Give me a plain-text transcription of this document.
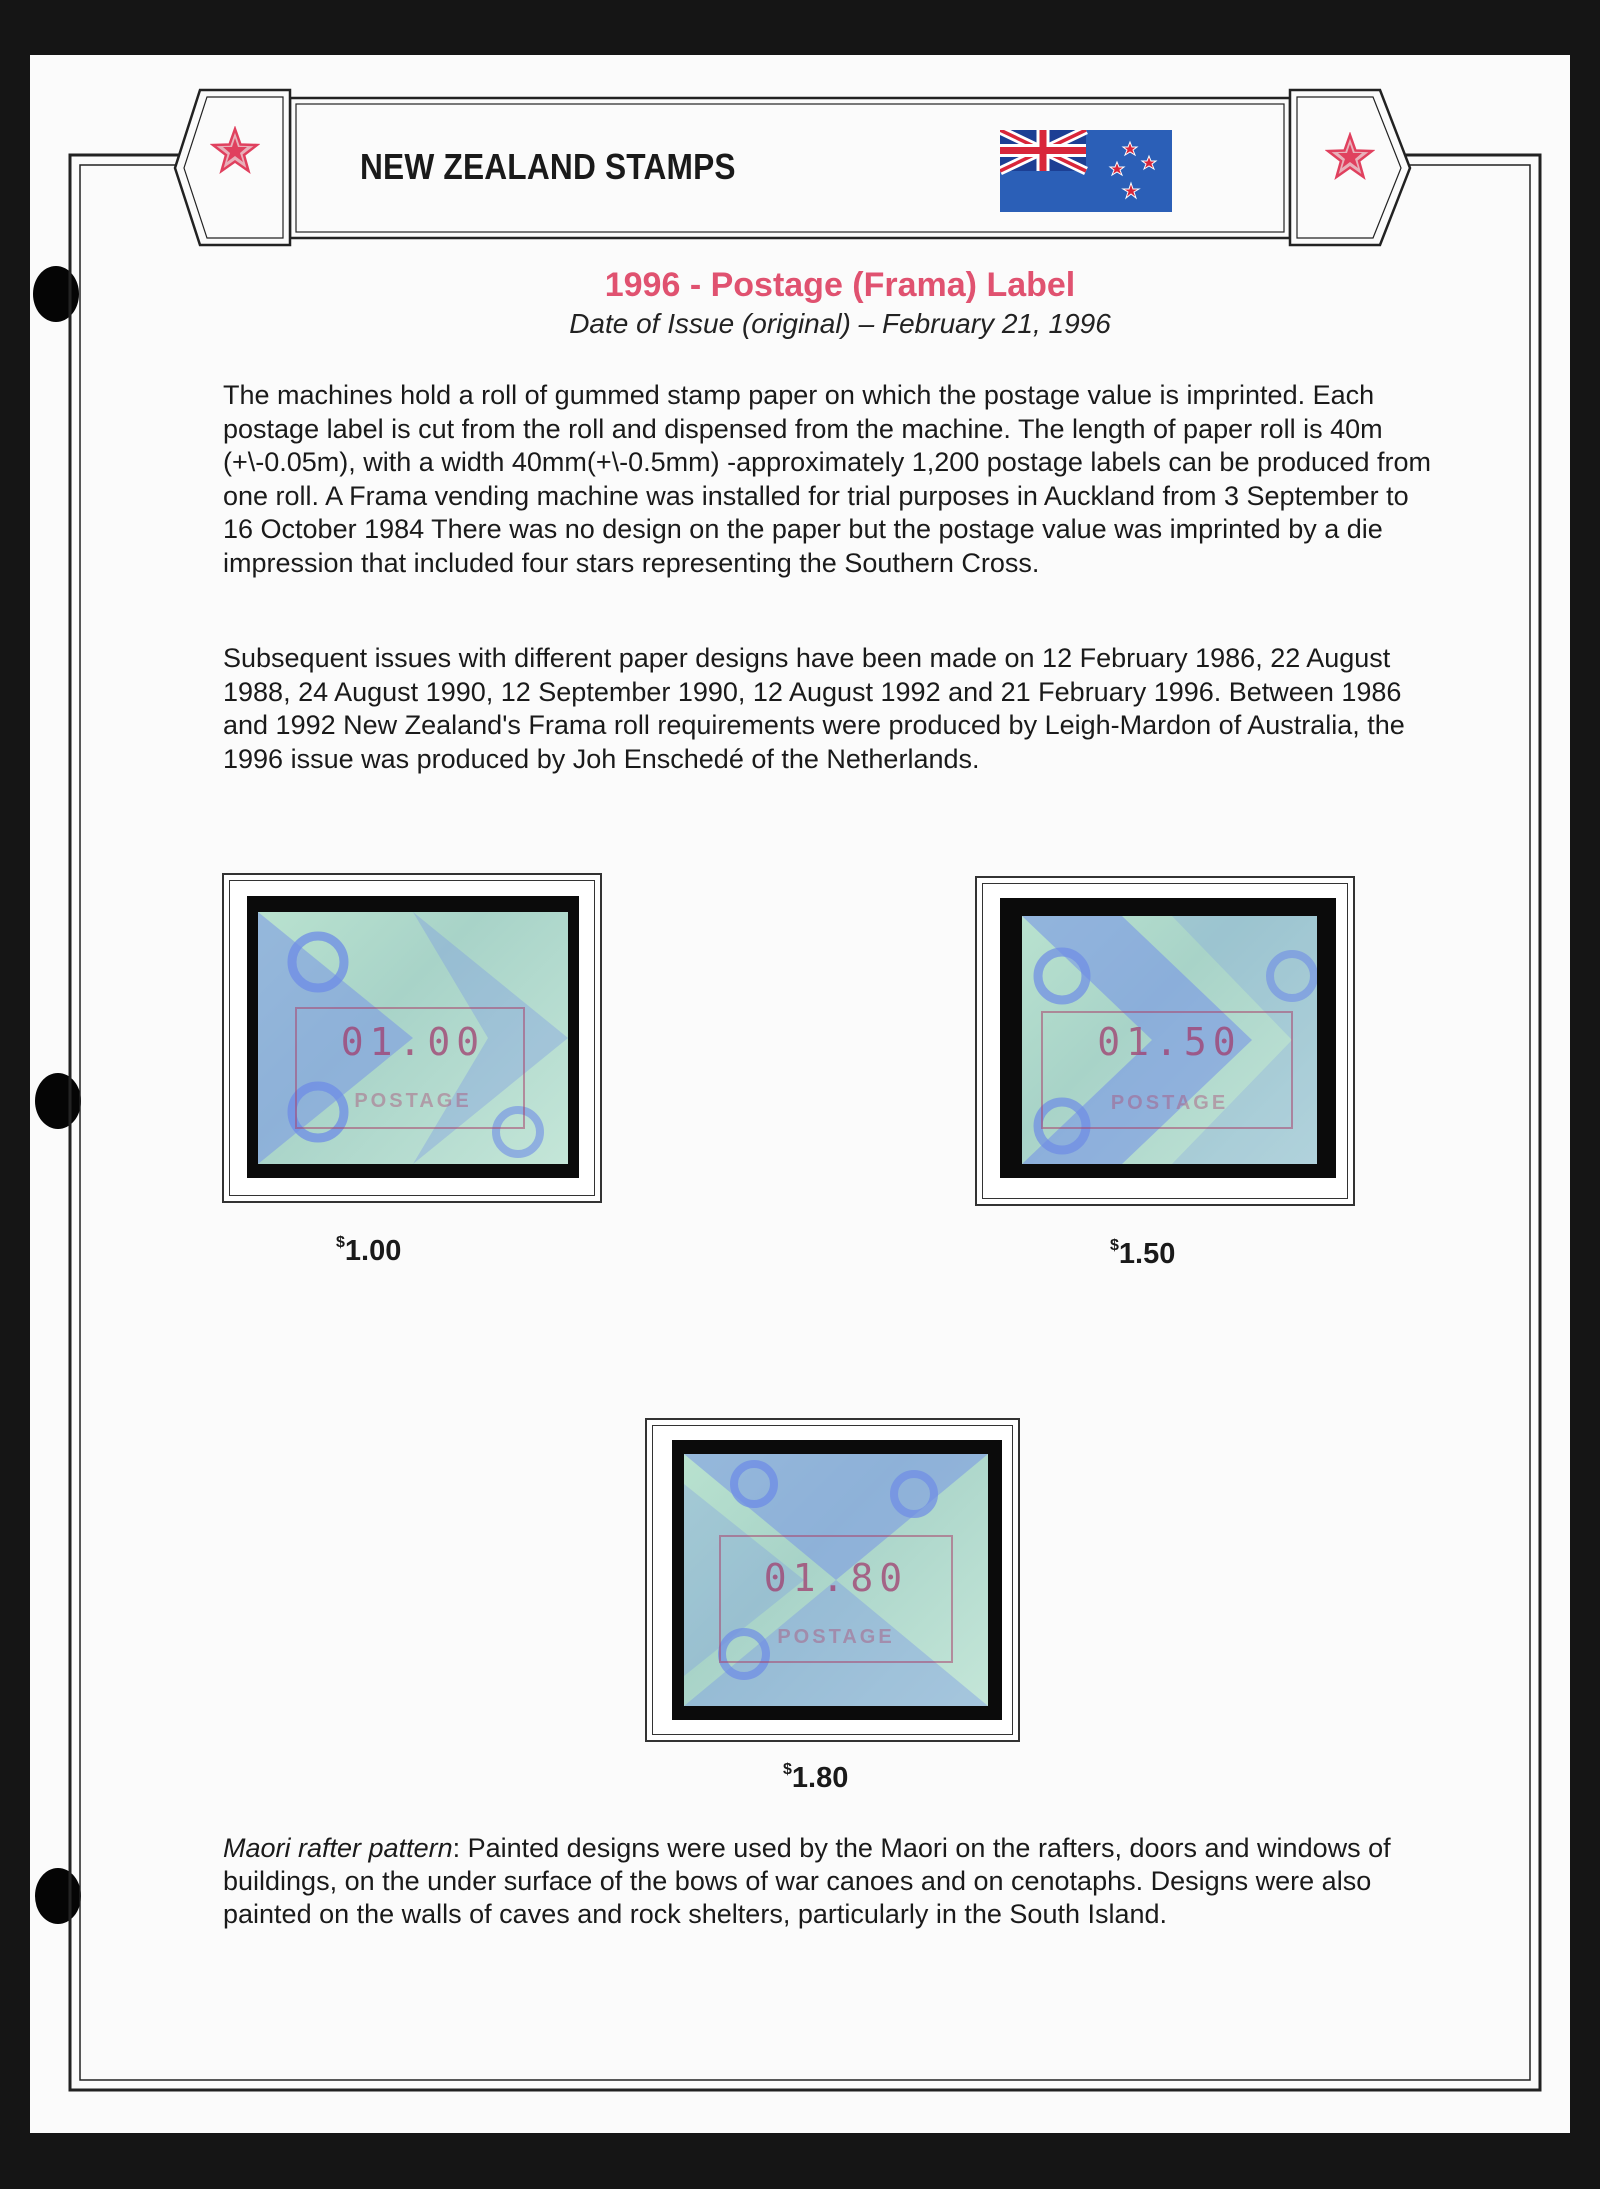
NEW ZEALAND STAMPS
1996 - Postage (Frama) Label
Date of Issue (original) – February 21, 1996

The machines hold a roll of gummed stamp paper on which the postage value is imprinted. Each postage label is cut from the roll and dispensed from the machine. The length of paper roll is 40m (+\-0.05m), with a width 40mm(+\-0.5mm) -approximately 1,200 postage labels can be produced from one roll. A Frama vending machine was installed for trial purposes in Auckland from 3 September to 16 October 1984 There was no design on the paper but the postage value was imprinted by a die impression that included four stars representing the Southern Cross.

Subsequent issues with different paper designs have been made on 12 February 1986, 22 August 1988, 24 August 1990, 12 September 1990, 12 August 1992 and 21 February 1996. Between 1986 and 1992 New Zealand's Frama roll requirements were produced by Leigh-Mardon of Australia, the 1996 issue was produced by Joh Enschedé of the Netherlands.

01.00
POSTAGE
$1.00
01.50
POSTAGE
$1.50
01.80
POSTAGE
$1.80

Maori rafter pattern: Painted designs were used by the Maori on the rafters, doors and windows of buildings, on the under surface of the bows of war canoes and on cenotaphs. Designs were also painted on the walls of caves and rock shelters, particularly in the South Island.
